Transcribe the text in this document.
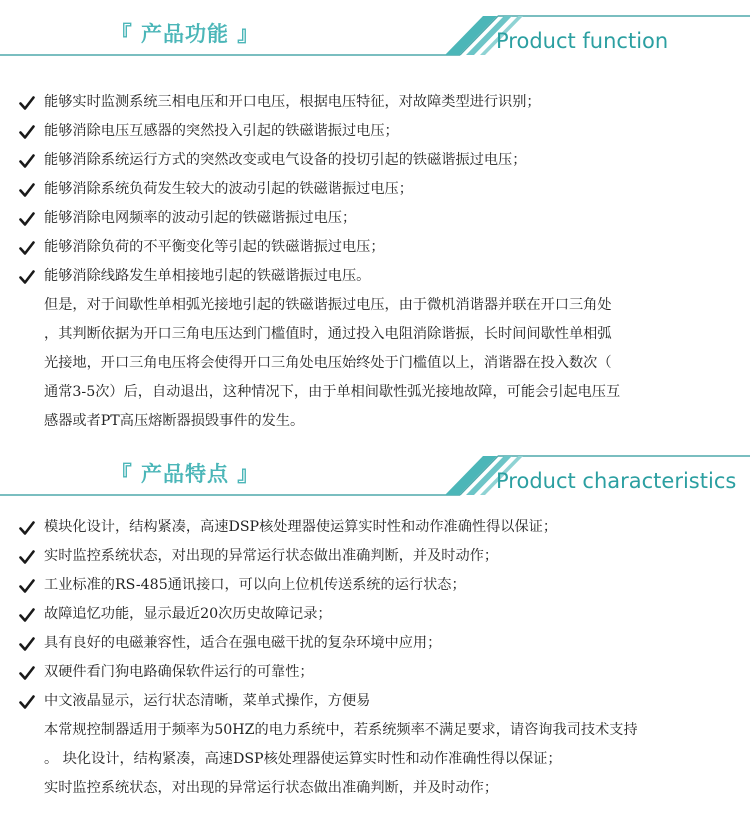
『 产品功能 』	Product function
能够实时监测系统三相电压和开口电压，根据电压特征，对故障类型进行识别；
能够消除电压互感器的突然投入引起的铁磁谐振过电压；
能够消除系统运行方式的突然改变或电气设备的投切引起的铁磁谐振过电压；
能够消除系统负荷发生较大的波动引起的铁磁谐振过电压；
能够消除电网频率的波动引起的铁磁谐振过电压；
能够消除负荷的不平衡变化等引起的铁磁谐振过电压；
能够消除线路发生单相接地引起的铁磁谐振过电压。
但是，对于间歇性单相弧光接地引起的铁磁谐振过电压，由于微机消谐器并联在开口三角处
，其判断依据为开口三角电压达到门槛值时，通过投入电阻消除谐振，长时间间歇性单相弧
光接地，开口三角电压将会使得开口三角处电压始终处于门槛值以上，消谐器在投入数次（
通常3-5次）后，自动退出，这种情况下，由于单相间歇性弧光接地故障，可能会引起电压互
感器或者PT高压熔断器损毁事件的发生。
『 产品特点 』	Product characteristics
模块化设计，结构紧凑，高速DSP核处理器使运算实时性和动作准确性得以保证；
实时监控系统状态，对出现的异常运行状态做出准确判断，并及时动作；
工业标准的RS-485通讯接口，可以向上位机传送系统的运行状态；
故障追忆功能，显示最近20次历史故障记录；
具有良好的电磁兼容性，适合在强电磁干扰的复杂环境中应用；
双硬件看门狗电路确保软件运行的可靠性；
中文液晶显示，运行状态清晰，菜单式操作，方便易
本常规控制器适用于频率为50HZ的电力系统中，若系统频率不满足要求，请咨询我司技术支持
。 块化设计，结构紧凑，高速DSP核处理器使运算实时性和动作准确性得以保证；
实时监控系统状态，对出现的异常运行状态做出准确判断，并及时动作；
